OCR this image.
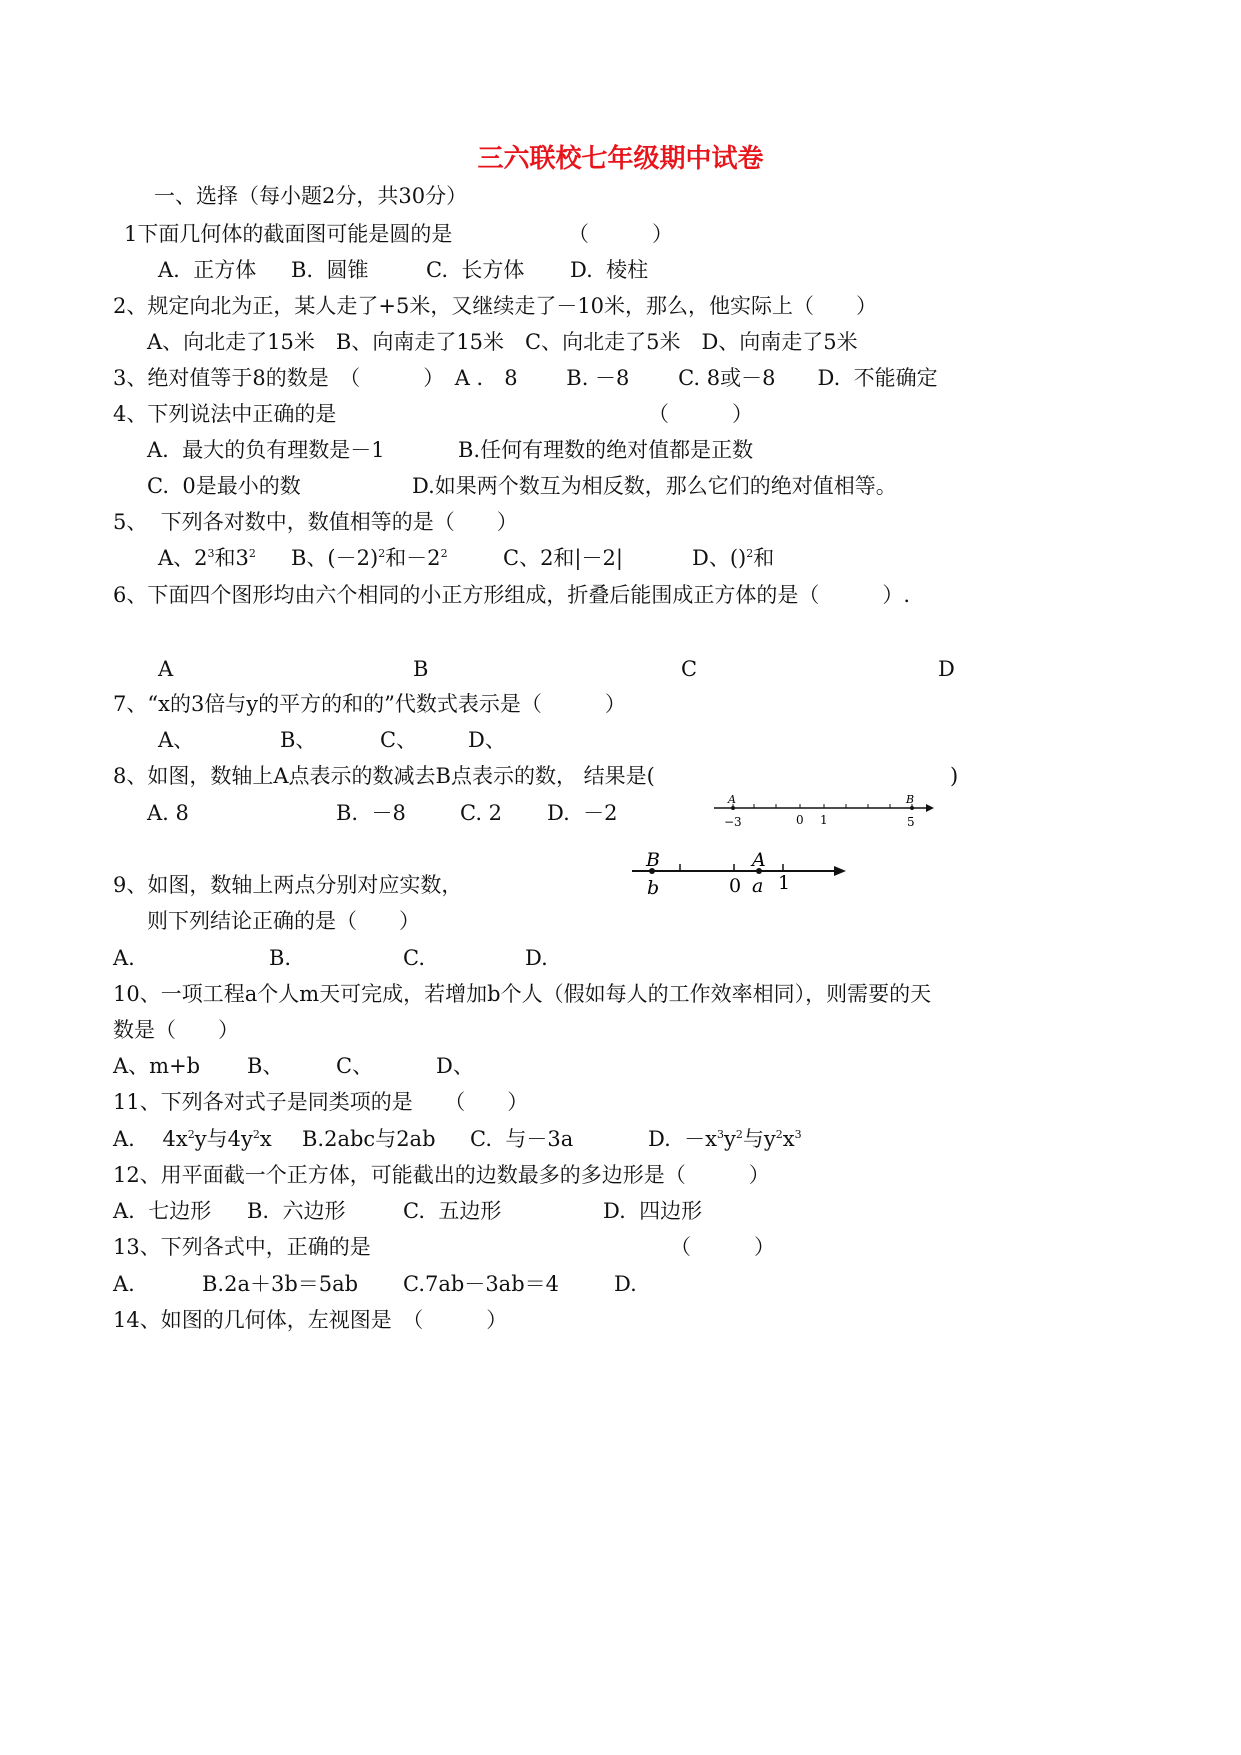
三六联校七年级期中试卷
一、选择（每小题2分，共30分）
1下面几何体的截面图可能是圆的是	（　　　）
A.  正方体 B.  圆锥	C.  长方体 D.  棱柱
2、规定向北为正，某人走了+5米，又继续走了－10米，那么，他实际上（　　）
A、向北走了15米　B、向南走了15米　C、向北走了5米　D、向南走了5米
3、绝对值等于8的数是　（　　　）　A ． 8　　 B. －8　　 C. 8或－8　　D.  不能确定
4、下列说法中正确的是	（　　　）
A.  最大的负有理数是－1	B.任何有理数的绝对值都是正数
C.  0是最小的数	D.如果两个数互为相反数，那么它们的绝对值相等。
5、  下列各对数中，数值相等的是（　　）
A、$2^3$和$3^2$ B、$(-2)^2$和$-2^2$	C、2和|－2|	D、()$^2$和
6、下面四个图形均由六个相同的小正方形组成，折叠后能围成正方体的是（　　　）.
A	B	C	D
7、“x的3倍与y的平方的和的”代数式表示是（　　　）
A、	B、	C、 D、
8、如图，数轴上A点表示的数减去B点表示的数， 结果是(	)
A. 8	B.  －8	C. 2 D.  －2
A	B
−3	0 1	5
B
b
A
a
0 1
9、如图，数轴上两点分别对应实数，
则下列结论正确的是（　　）
A.	B.	C.	D.
10、一项工程a个人m天可完成，若增加b个人（假如每人的工作效率相同），则需要的天
数是（　　）
A、m+b B、	C、	D、
11、下列各对式子是同类项的是　　（　　）
A.　 $4x^2y$与$4y^2x$ B.2abc与2ab C.  与－3a	D.  $-x^3y^2$与$y^2x^3$
12、用平面截一个正方体，可能截出的边数最多的多边形是（　　　）
A.  七边形 B.  六边形	C.  五边形	D.  四边形
13、下列各式中，正确的是	（　　　）
A.	B.2a＋3b＝5ab C.7ab－3ab＝4	D.
14、如图的几何体，左视图是　（　　　）
